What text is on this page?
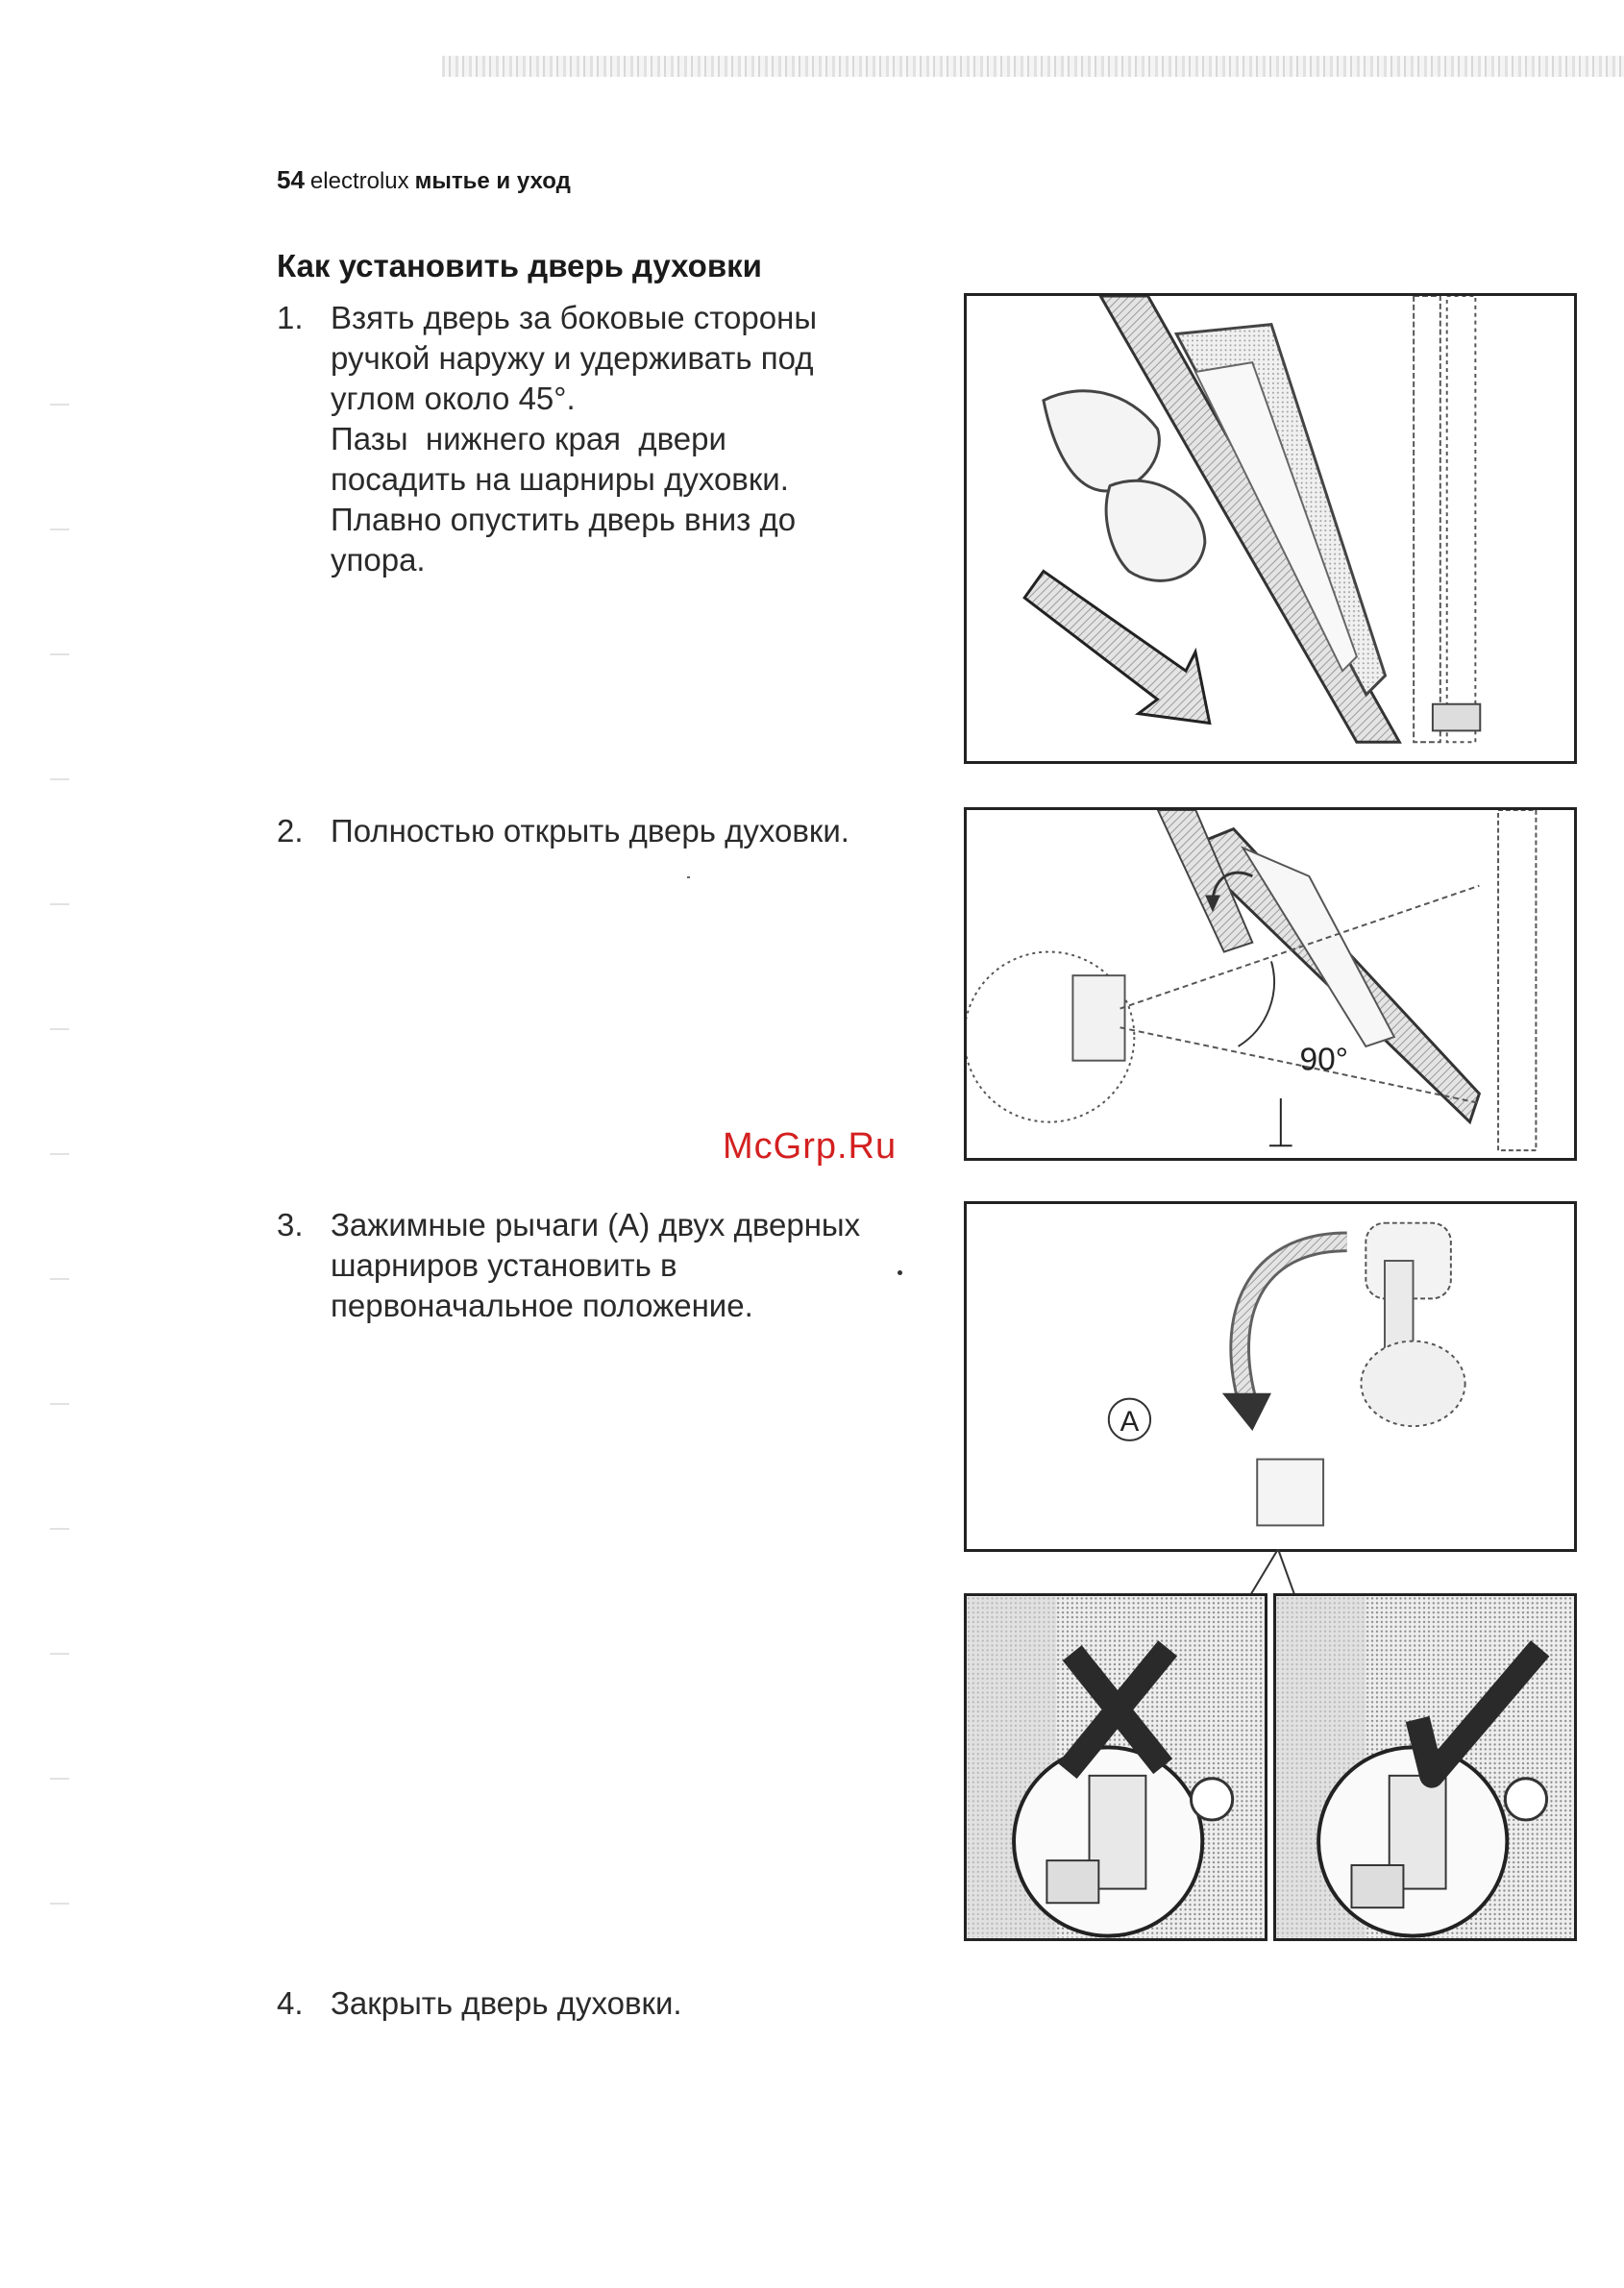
54 electrolux мытье и уход
Как установить дверь духовки
1. Взять дверь за боковые стороны
ручкой наружу и удерживать под
углом около 45°.
Пазы  нижнего края  двери
посадить на шарниры духовки.
Плавно опустить дверь вниз до
упора.
2. Полностью открыть дверь духовки.
3. Зажимные рычаги (A) двух дверных
шарниров установить в
первоначальное положение.
4. Закрыть дверь духовки.
McGrp.Ru
90°
A
